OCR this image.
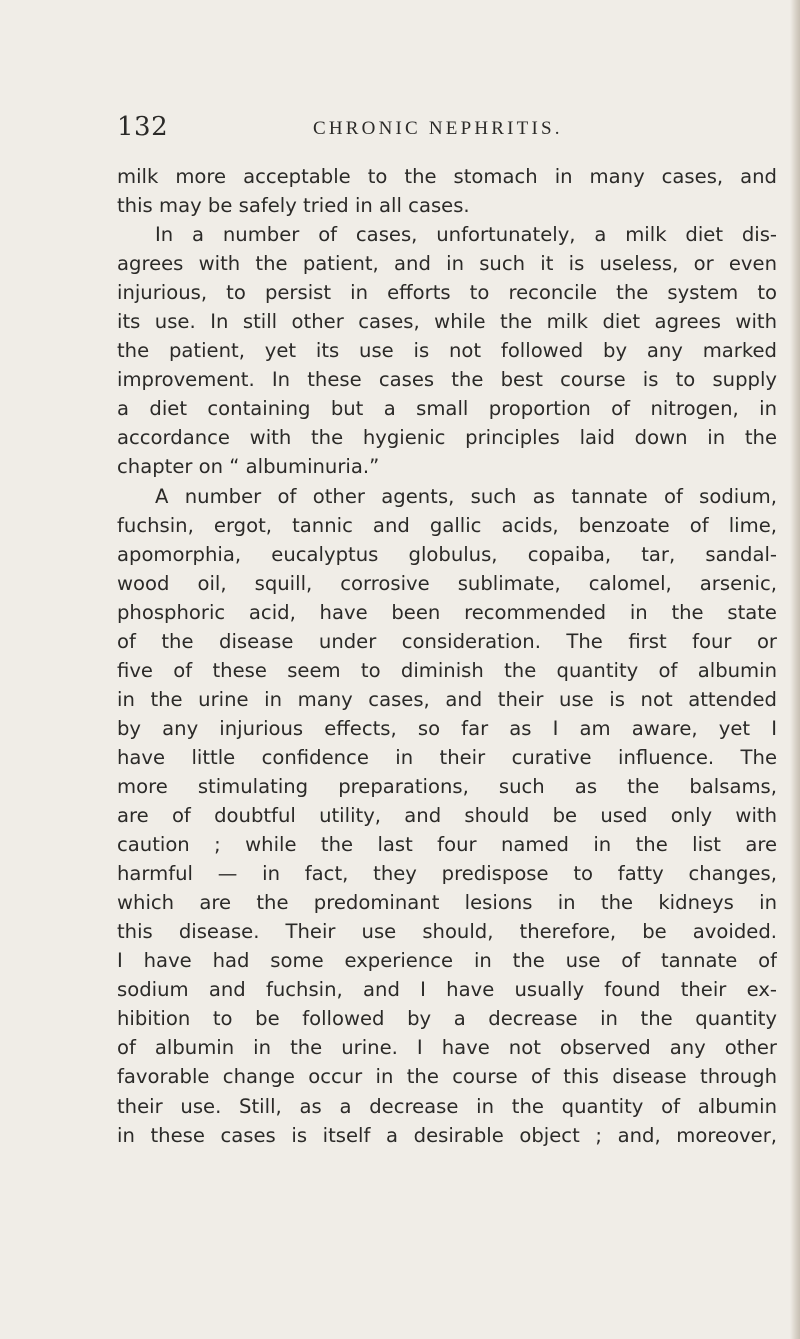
132	CHRONIC NEPHRITIS.
milk more acceptable to the stomach in many cases, and
this may be safely tried in all cases.
In a number of cases, unfortunately, a milk diet dis-
agrees with the patient, and in such it is useless, or even
injurious, to persist in efforts to reconcile the system to
its use. In still other cases, while the milk diet agrees with
the patient, yet its use is not followed by any marked
improvement. In these cases the best course is to supply
a diet containing but a small proportion of nitrogen, in
accordance with the hygienic principles laid down in the
chapter on “ albuminuria.”
A number of other agents, such as tannate of sodium,
fuchsin, ergot, tannic and gallic acids, benzoate of lime,
apomorphia, eucalyptus globulus, copaiba, tar, sandal-
wood oil, squill, corrosive sublimate, calomel, arsenic,
phosphoric acid, have been recommended in the state
of the disease under consideration. The first four or
five of these seem to diminish the quantity of albumin
in the urine in many cases, and their use is not attended
by any injurious effects, so far as I am aware, yet I
have little confidence in their curative influence. The
more stimulating preparations, such as the balsams,
are of doubtful utility, and should be used only with
caution ; while the last four named in the list are
harmful — in fact, they predispose to fatty changes,
which are the predominant lesions in the kidneys in
this disease. Their use should, therefore, be avoided.
I have had some experience in the use of tannate of
sodium and fuchsin, and I have usually found their ex-
hibition to be followed by a decrease in the quantity
of albumin in the urine. I have not observed any other
favorable change occur in the course of this disease through
their use. Still, as a decrease in the quantity of albumin
in these cases is itself a desirable object ; and, moreover,
